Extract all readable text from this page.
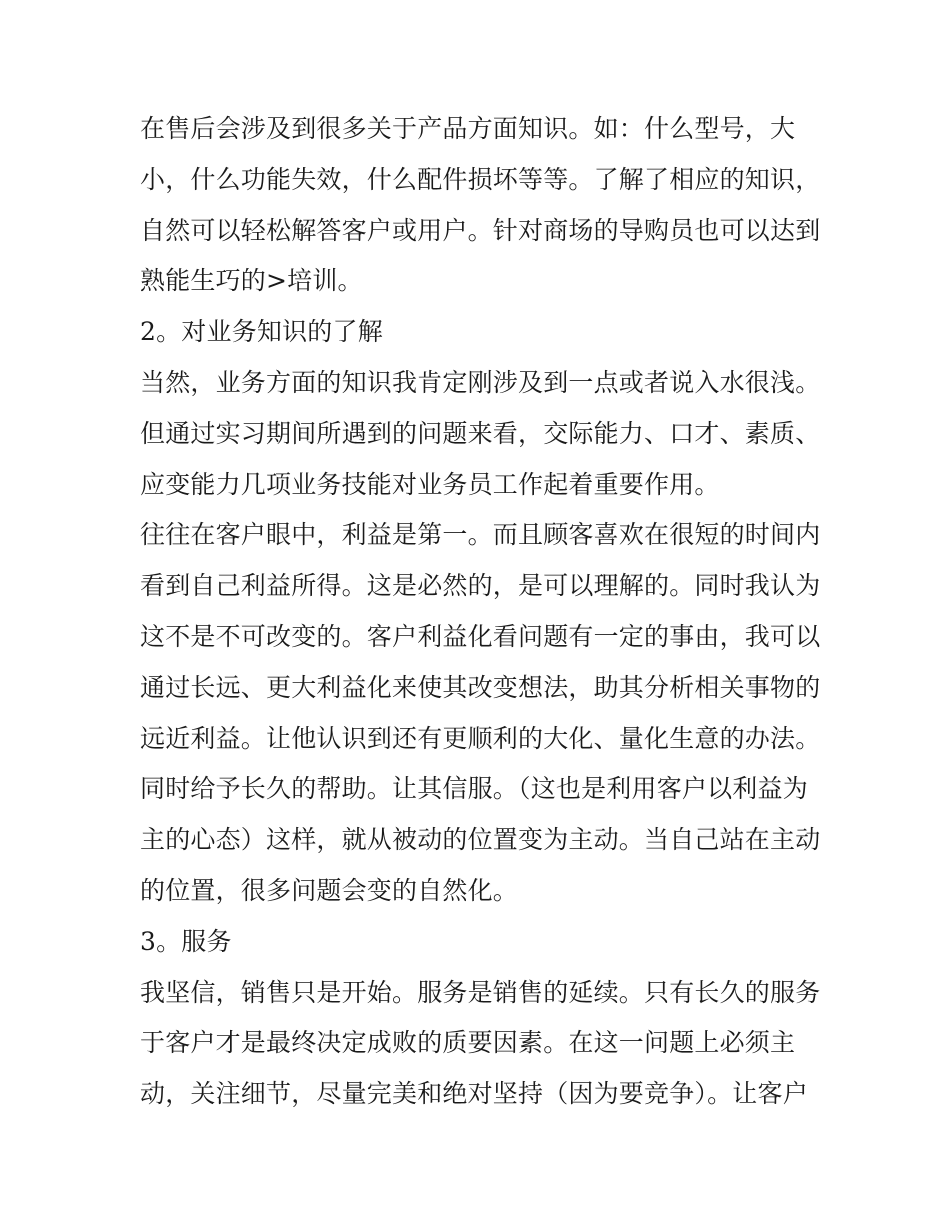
在售后会涉及到很多关于产品方面知识。如：什么型号，大
小，什么功能失效，什么配件损坏等等。了解了相应的知识，
自然可以轻松解答客户或用户。针对商场的导购员也可以达到
熟能生巧的>培训。
2。对业务知识的了解
当然，业务方面的知识我肯定刚涉及到一点或者说入水很浅。
但通过实习期间所遇到的问题来看，交际能力、口才、素质、
应变能力几项业务技能对业务员工作起着重要作用。
往往在客户眼中，利益是第一。而且顾客喜欢在很短的时间内
看到自己利益所得。这是必然的，是可以理解的。同时我认为
这不是不可改变的。客户利益化看问题有一定的事由，我可以
通过长远、更大利益化来使其改变想法，助其分析相关事物的
远近利益。让他认识到还有更顺利的大化、量化生意的办法。
同时给予长久的帮助。让其信服。（这也是利用客户以利益为
主的心态）这样，就从被动的位置变为主动。当自己站在主动
的位置，很多问题会变的自然化。
3。服务
我坚信，销售只是开始。服务是销售的延续。只有长久的服务
于客户才是最终决定成败的质要因素。在这一问题上必须主
动，关注细节，尽量完美和绝对坚持（因为要竞争）。让客户
